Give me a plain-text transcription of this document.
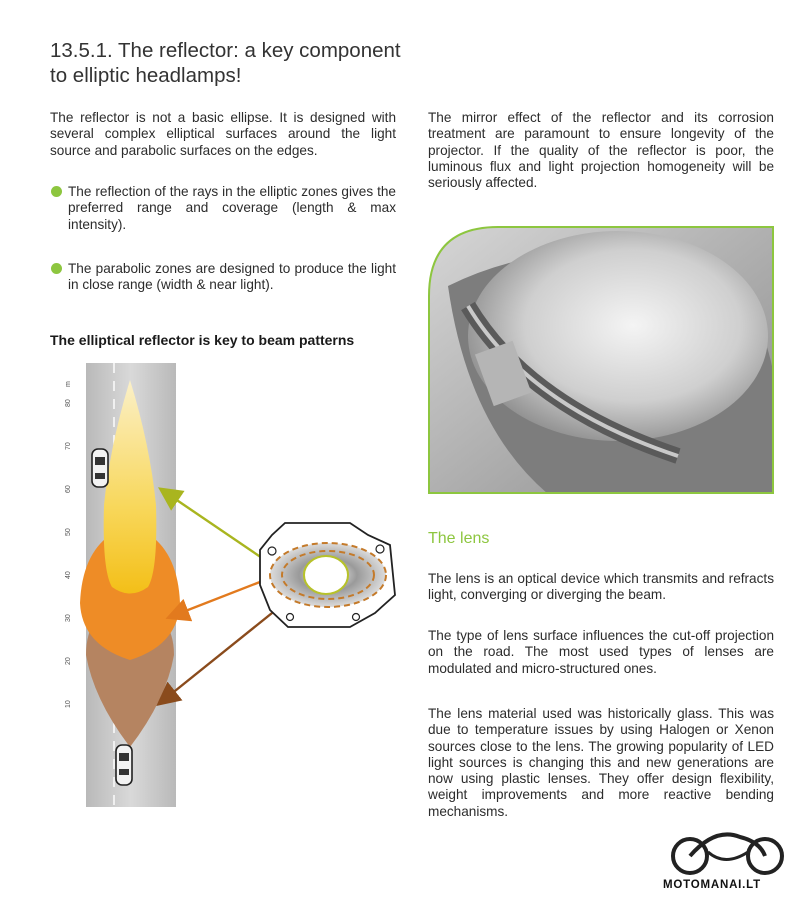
13.5.1. The reflector: a key component to elliptic headlamps!
The reflector is not a basic ellipse. It is designed with several complex elliptical surfaces around the light source and parabolic surfaces on the edges.
The reflection of the rays in the elliptic zones gives the preferred range and coverage (length & max intensity).
The parabolic zones are designed to produce the light in close range (width & near light).
The elliptical reflector is key to beam patterns
m
80
70
60
50
40
30
20
10
The mirror effect of the reflector and its corrosion treatment are paramount to ensure longevity of the projector. If the quality of the reflector is poor, the luminous flux and light projection homogeneity will be seriously affected.
The lens
The lens is an optical device which transmits and refracts light, converging or diverging the beam.
The type of lens surface influences the cut-off projection on the road. The most used types of lenses are modulated and micro-structured ones.
The lens material used was historically glass. This was due to temperature issues by using Halogen or Xenon sources close to the lens. The growing popularity of LED light sources is changing this and new generations are now using plastic lenses. They offer design flexibility, weight improvements and more reactive bending mechanisms.
MOTOMANAI.LT
